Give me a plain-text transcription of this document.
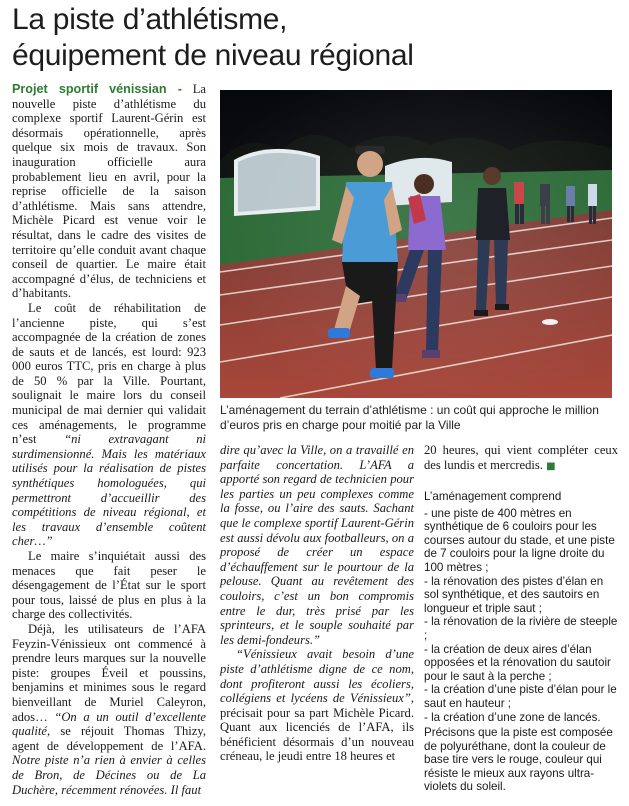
La piste d’athlétisme,
équipement de niveau régional

Projet sportif vénissian - La nouvelle piste d’athlétisme du complexe sportif Laurent-Gérin est désormais opérationnelle, après quelque six mois de travaux. Son inauguration officielle aura probablement lieu en avril, pour la reprise officielle de la saison d’athlétisme. Mais sans attendre, Michèle Picard est venue voir le résultat, dans le cadre des visites de territoire qu’elle conduit avant chaque conseil de quartier. Le maire était accompagné d’élus, de techniciens et d’habitants.

Le coût de réhabilitation de l’ancienne piste, qui s’est accompagnée de la création de zones de sauts et de lancés, est lourd: 923 000 euros TTC, pris en charge à plus de 50 % par la Ville. Pourtant, soulignait le maire lors du conseil municipal de mai dernier qui validait ces aménagements, le programme n’est “ni extravagant ni surdimensionné. Mais les matériaux utilisés pour la réalisation de pistes synthétiques homologuées, qui permettront d’accueillir des compétitions de niveau régional, et les travaux d’ensemble coûtent cher…”

Le maire s’inquiétait aussi des menaces que fait peser le désengagement de l’État sur le sport pour tous, laissé de plus en plus à la charge des collectivités.

Déjà, les utilisateurs de l’AFA Feyzin-Vénissieux ont commencé à prendre leurs marques sur la nouvelle piste: groupes Éveil et poussins, benjamins et minimes sous le regard bienveillant de Muriel Caleyron, ados… “On a un outil d’excellente qualité, se réjouit Thomas Thizy, agent de développement de l’AFA. Notre piste n’a rien à envier à celles de Bron, de Décines ou de La Duchère, récemment rénovées. Il faut

L’aménagement du terrain d’athlétisme : un coût qui approche le million d’euros pris en charge pour moitié par la Ville

dire qu’avec la Ville, on a travaillé en parfaite concertation. L’AFA a apporté son regard de technicien pour les parties un peu complexes comme la fosse, ou l’aire des sauts. Sachant que le complexe sportif Laurent-Gérin est aussi dévolu aux footballeurs, on a proposé de créer un espace d’échauffement sur le pourtour de la pelouse. Quant au revêtement des couloirs, c’est un bon compromis entre le dur, très prisé par les sprinteurs, et le souple souhaité par les demi-fondeurs.”

“Vénissieux avait besoin d’une piste d’athlétisme digne de ce nom, dont profiteront aussi les écoliers, collégiens et lycéens de Vénissieux”, précisait pour sa part Michèle Picard. Quant aux licenciés de l’AFA, ils bénéficient désormais d’un nouveau créneau, le jeudi entre 18 heures et

20 heures, qui vient compléter ceux des lundis et mercredis. ■

L’aménagement comprend

- une piste de 400 mètres en synthétique de 6 couloirs pour les courses autour du stade, et une piste de 7 couloirs pour la ligne droite du 100 mètres ;

- la rénovation des pistes d’élan en sol synthétique, et des sautoirs en longueur et triple saut ;

- la rénovation de la rivière de steeple ;

- la création de deux aires d’élan opposées et la rénovation du sautoir pour le saut à la perche ;

- la création d’une piste d’élan pour le saut en hauteur ;

- la création d’une zone de lancés.

Précisons que la piste est composée de polyuréthane, dont la couleur de base tire vers le rouge, couleur qui résiste le mieux aux rayons ultra-violets du soleil.
